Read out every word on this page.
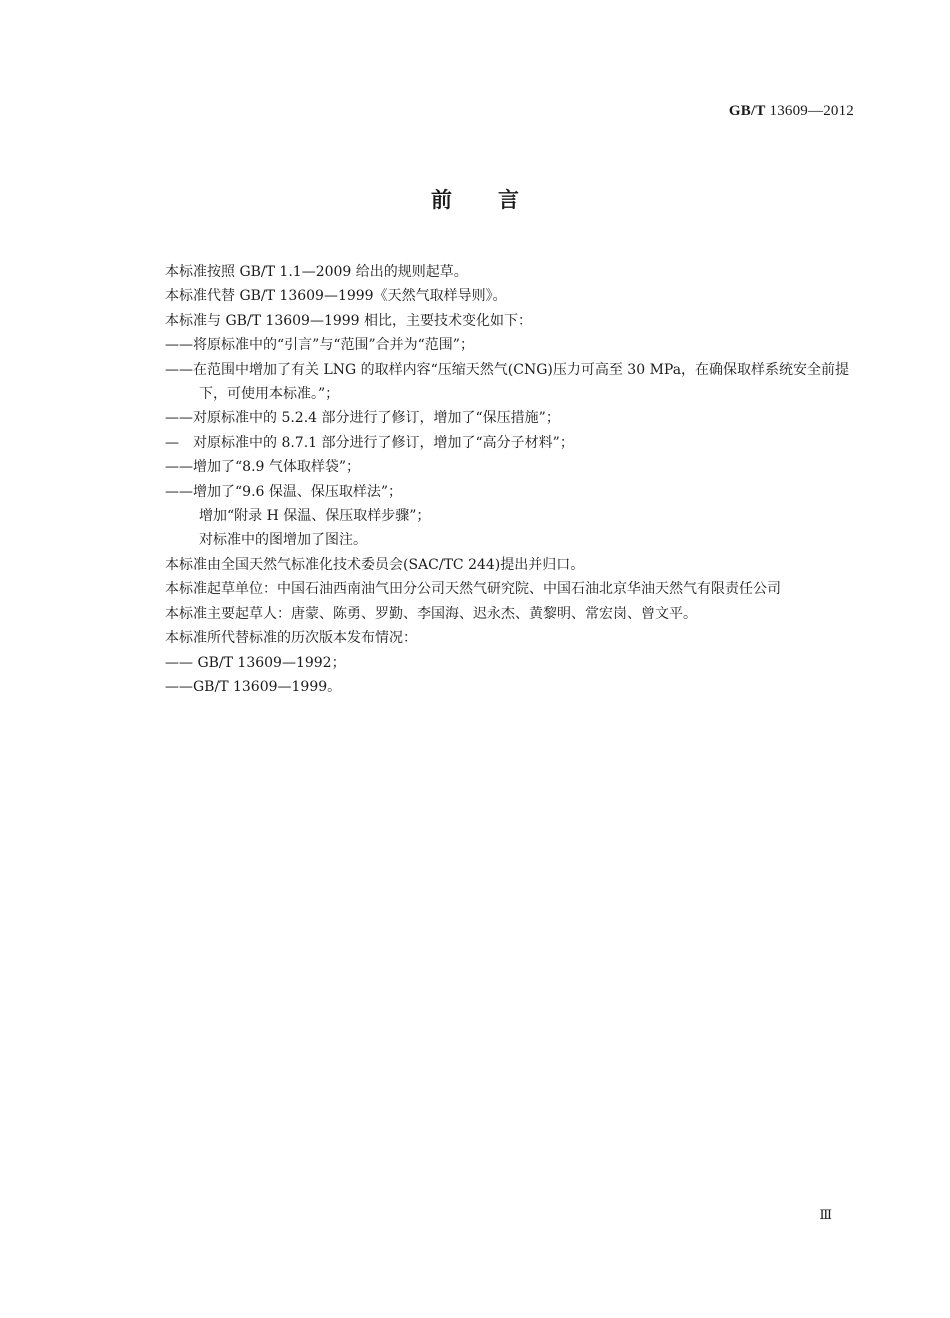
GB/T 13609—2012
前言

本标准按照 GB/T 1.1—2009 给出的规则起草。

本标准代替 GB/T 13609—1999《天然气取样导则》。

本标准与 GB/T 13609—1999 相比，主要技术变化如下：

——将原标准中的“引言”与“范围”合并为“范围”；

——在范围中增加了有关 LNG 的取样内容“压缩天然气(CNG)压力可高至 30 MPa，在确保取样系统安全前提下，可使用本标准。”；

——对原标准中的 5.2.4 部分进行了修订，增加了“保压措施”；

—　对原标准中的 8.7.1 部分进行了修订，增加了“高分子材料”；

——增加了“8.9 气体取样袋”；

——增加了“9.6 保温、保压取样法”；

增加“附录 H 保温、保压取样步骤”；

对标准中的图增加了图注。

本标准由全国天然气标准化技术委员会(SAC/TC 244)提出并归口。

本标准起草单位：中国石油西南油气田分公司天然气研究院、中国石油北京华油天然气有限责任公司

本标准主要起草人：唐蒙、陈勇、罗勤、李国海、迟永杰、黄黎明、常宏岗、曾文平。

本标准所代替标准的历次版本发布情况：

—— GB/T 13609—1992；

——GB/T 13609—1999。

Ⅲ
